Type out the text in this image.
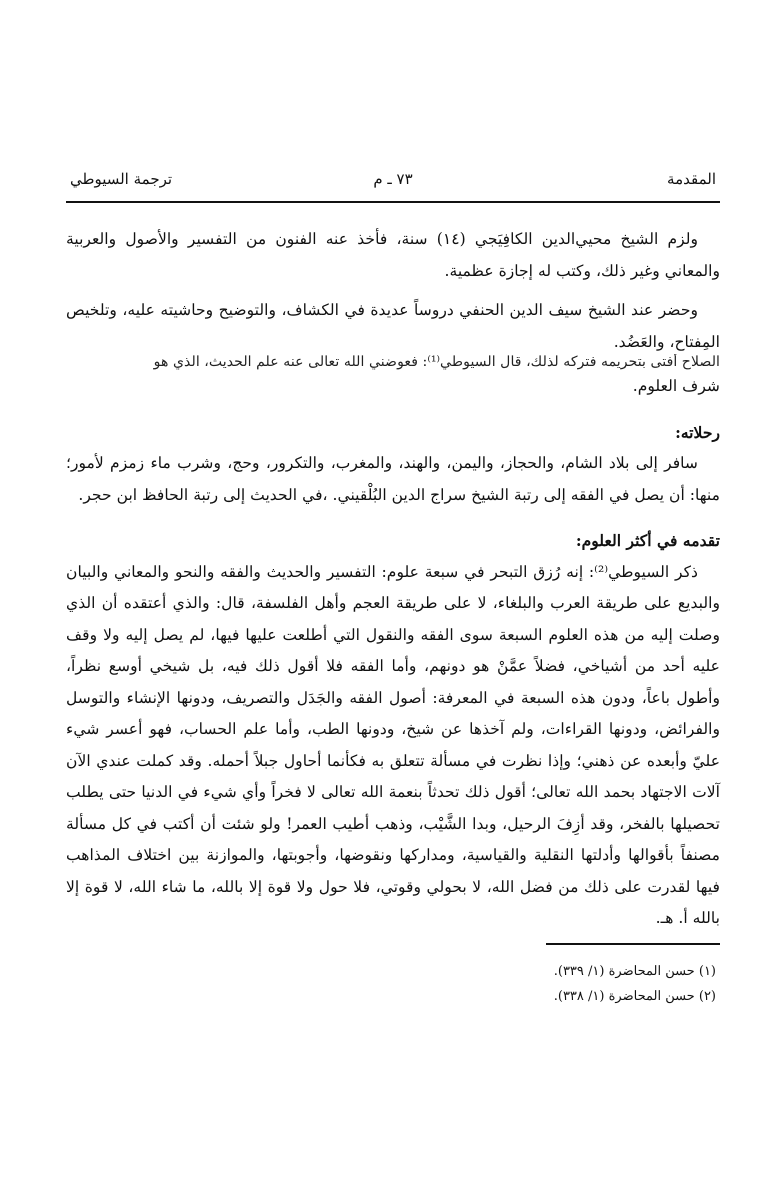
المقدمة
٧٣ ـ م
ترجمة السيوطي

ولزم الشيخ محيي‌الدين الكافِيَجي (١٤) سنة، فأخذ عنه الفنون من التفسير والأصول والعربية والمعاني وغير ذلك، وكتب له إجازة عظمية.

وحضر عند الشيخ سيف الدين الحنفي دروساً عديدة في الكشاف، والتوضيح وحاشيته عليه، وتلخيص المِفتاح، والعَضُد.

الصلاح أفتى بتحريمه فتركه لذلك، قال السيوطي⁽¹⁾: فعوضني الله تعالى عنه علم الحديث، الذي هو

شرف العلوم.

رحلاته:

سافر إلى بلاد الشام، والحجاز، واليمن، والهند، والمغرب، والتكرور، وحج، وشرب ماء زمزم لأمور؛ منها: أن يصل في الفقه إلى رتبة الشيخ سراج الدين البُلْقيني. ،في الحديث إلى رتبة الحافظ ابن حجر.

تقدمه في أكثر العلوم:

ذكر السيوطي⁽²⁾: إنه رُزق التبحر في سبعة علوم: التفسير والحديث والفقه والنحو والمعاني والبيان والبديع على طريقة العرب والبلغاء، لا على طريقة العجم وأهل الفلسفة، قال: والذي أعتقده أن الذي وصلت إليه من هذه العلوم السبعة سوى الفقه والنقول التي أطلعت عليها فيها، لم يصل إليه ولا وقف عليه أحد من أشياخي، فضلاً عمَّنْ هو دونهم، وأما الفقه فلا أقول ذلك فيه، بل شيخي أوسع نظراً، وأطول باعاً، ودون هذه السبعة في المعرفة: أصول الفقه والجَدَل والتصريف، ودونها الإنشاء والتوسل والفرائض، ودونها القراءات، ولم آخذها عن شيخ، ودونها الطب، وأما علم الحساب، فهو أعسر شيء عليّ وأبعده عن ذهني؛ وإذا نظرت في مسألة تتعلق به فكأنما أحاول جبلاً أحمله. وقد كملت عندي الآن آلات الاجتهاد بحمد الله تعالى؛ أقول ذلك تحدثاً بنعمة الله تعالى لا فخراً وأي شيء في الدنيا حتى يطلب تحصيلها بالفخر، وقد أزِفَ الرحيل، وبدا الشَّيْب، وذهب أطيب العمر! ولو شئت أن أكتب في كل مسألة مصنفاً بأقوالها وأدلتها النقلية والقياسية، ومداركها ونقوضها، وأجوبتها، والموازنة بين اختلاف المذاهب فيها لقدرت على ذلك من فضل الله، لا بحولي وقوتي، فلا حول ولا قوة إلا بالله، ما شاء الله، لا قوة إلا بالله أ. هـ.

(١) حسن المحاضرة (١/ ٣٣٩).
(٢) حسن المحاضرة (١/ ٣٣٨).
